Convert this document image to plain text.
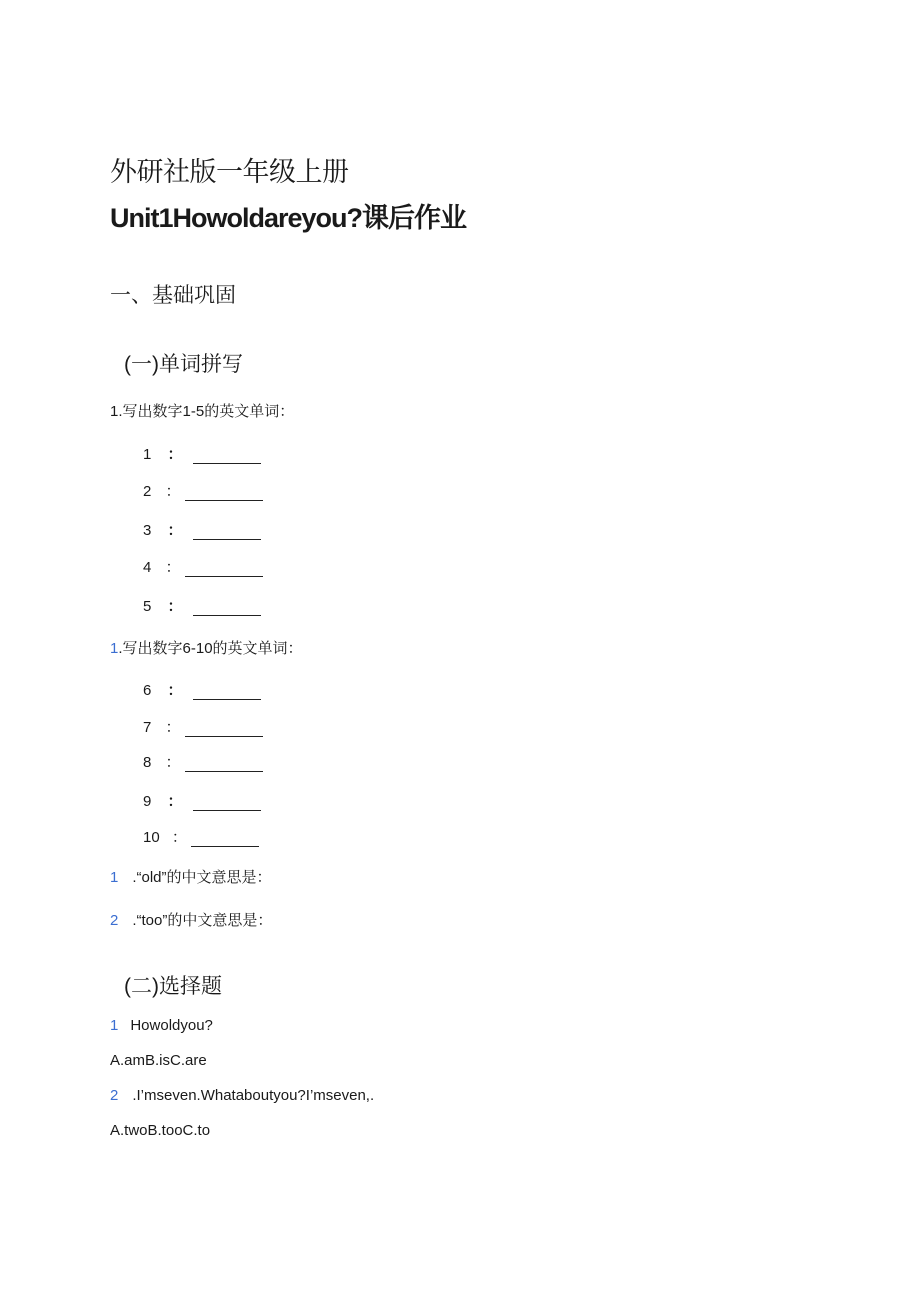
外研社版一年级上册
Unit1Howoldareyou?课后作业
一、基础巩固
(一)单词拼写
1.写出数字1-5的英文单词：
1 ：
2 ：
3 ：
4 ：
5 ：
1.写出数字6-10的英文单词：
6 ：
7 ：
8 ：
9 ：
10 ：
1 .“old”的中文意思是：
2 .“too”的中文意思是：
(二)选择题
1 Howoldyou?
A.amB.isC.are
2 .I’mseven.Whataboutyou?I’mseven,.
A.twoB.tooC.to
